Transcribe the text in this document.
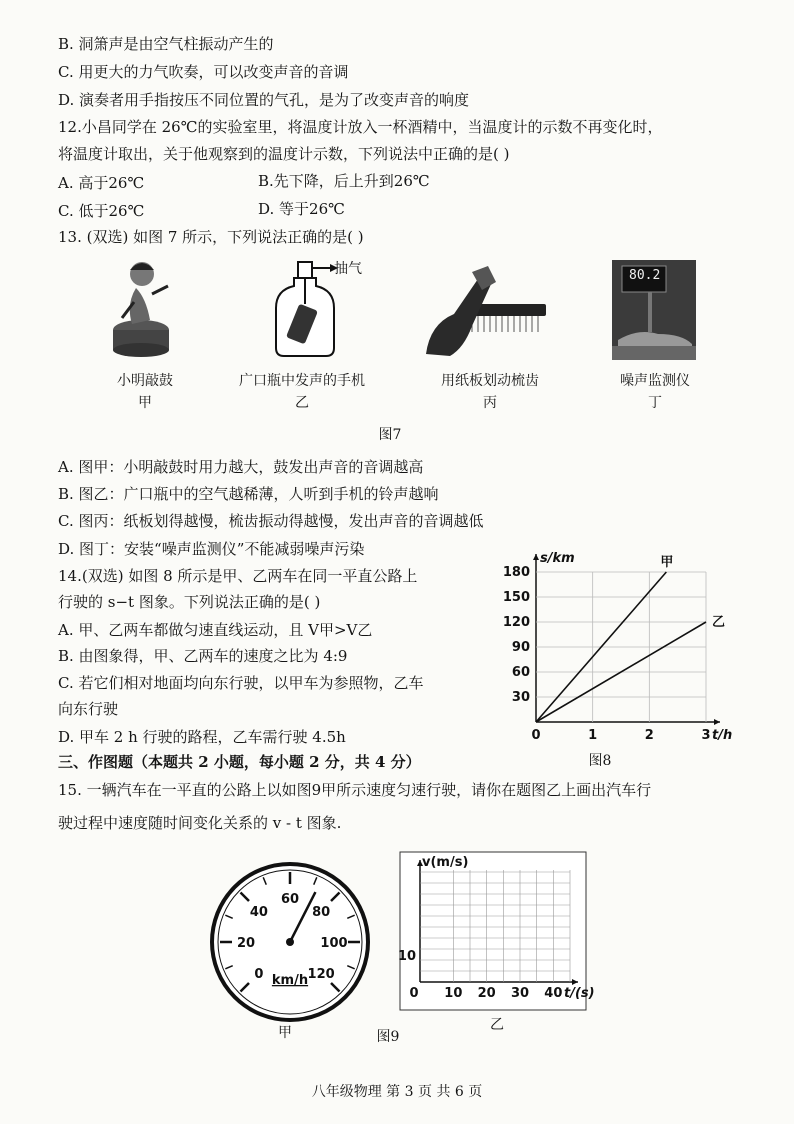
B. 洞箫声是由空气柱振动产生的
C. 用更大的力气吹奏，可以改变声音的音调
D. 演奏者用手指按压不同位置的气孔，是为了改变声音的响度
12.小昌同学在 26℃的实验室里，将温度计放入一杯酒精中，当温度计的示数不再变化时，
将温度计取出，关于他观察到的温度计示数，下列说法中正确的是( )
A. 高于26℃	B.先下降，后上升到26℃
C. 低于26℃	D. 等于26℃
13. (双选) 如图 7 所示，下列说法正确的是( )
抽气	80.2
小明敲鼓
甲
广口瓶中发声的手机
乙
用纸板划动梳齿
丙
噪声监测仪
丁
图7
A. 图甲：小明敲鼓时用力越大，鼓发出声音的音调越高
B. 图乙：广口瓶中的空气越稀薄，人听到手机的铃声越响
C. 图丙：纸板划得越慢，梳齿振动得越慢，发出声音的音调越低
D. 图丁：安装“噪声监测仪”不能减弱噪声污染
14.(双选) 如图 8 所示是甲、乙两车在同一平直公路上
行驶的 s−t 图象。下列说法正确的是( )
A. 甲、乙两车都做匀速直线运动，且 V甲>V乙
B. 由图象得，甲、乙两车的速度之比为 4:9
C. 若它们相对地面均向东行驶，以甲车为参照物，乙车
向东行驶
D. 甲车 2 h 行驶的路程，乙车需行驶 4.5h	0	1	2	3
30
60
90
120
150
180
s/km
t/h
甲
乙
图8
三、作图题（本题共 2 小题，每小题 2 分，共 4 分）
15. 一辆汽车在一平直的公路上以如图9甲所示速度匀速行驶，请你在题图乙上画出汽车行
驶过程中速度随时间变化关系的 v - t 图象.
0
20
40
60
80
100
120
km/h
甲
0 10 20 30 40
10
v(m/s)
t/(s)
乙
图9
八年级物理 第 3 页 共 6 页
